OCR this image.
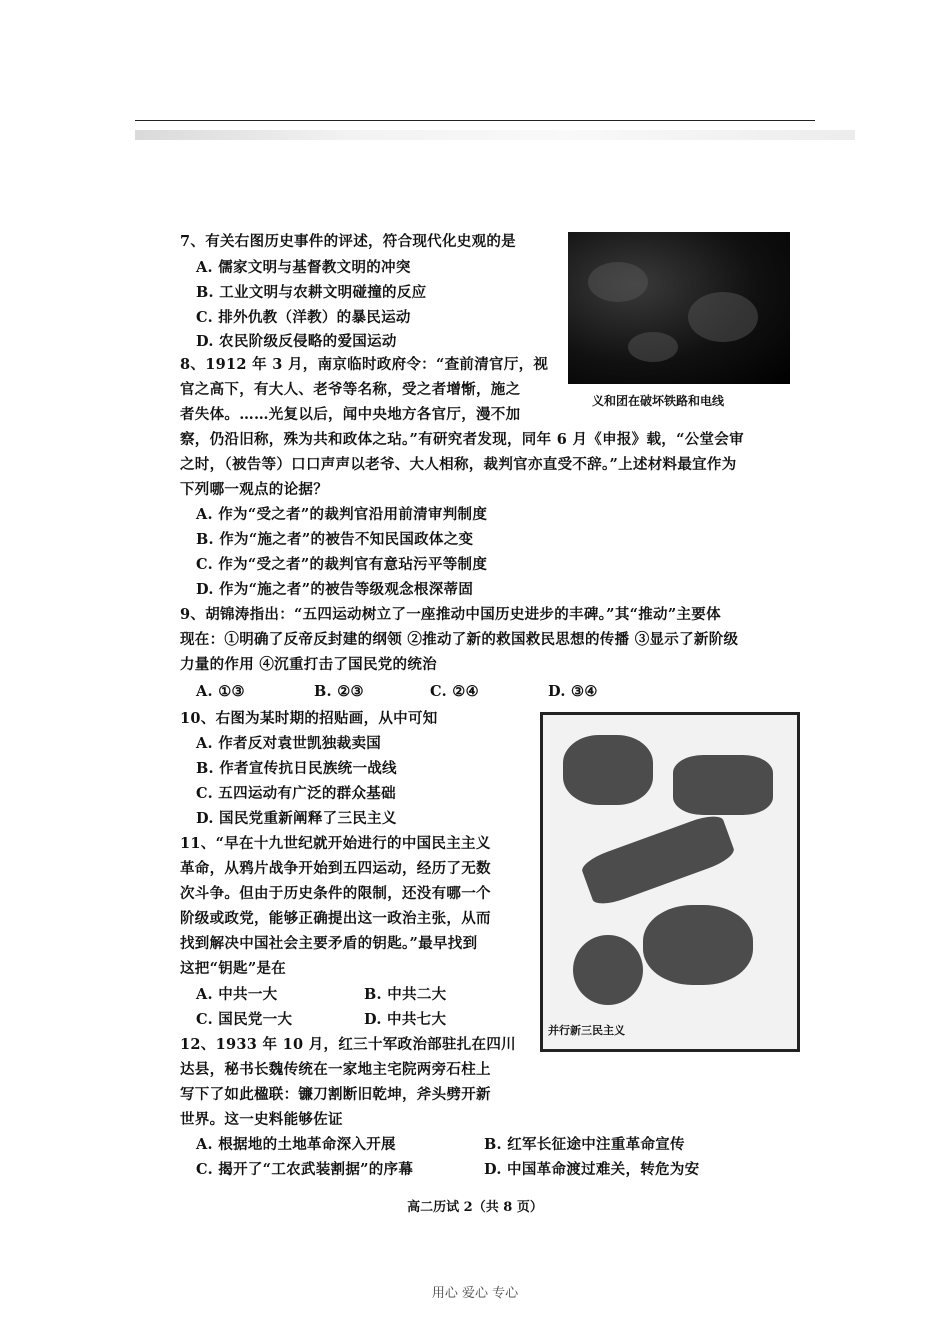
7、有关右图历史事件的评述，符合现代化史观的是
A. 儒家文明与基督教文明的冲突
B. 工业文明与农耕文明碰撞的反应
C. 排外仇教（洋教）的暴民运动
D. 农民阶级反侵略的爱国运动
义和团在破坏铁路和电线
8、1912 年 3 月，南京临时政府令：“查前清官厅，视
官之高下，有大人、老爷等名称，受之者增惭，施之
者失体。……光复以后，闻中央地方各官厅，漫不加
察，仍沿旧称，殊为共和政体之玷。”有研究者发现，同年 6 月《申报》载，“公堂会审
之时，（被告等）口口声声以老爷、大人相称，裁判官亦直受不辞。”上述材料最宜作为
下列哪一观点的论据？
A. 作为“受之者”的裁判官沿用前清审判制度
B. 作为“施之者”的被告不知民国政体之变
C. 作为“受之者”的裁判官有意玷污平等制度
D. 作为“施之者”的被告等级观念根深蒂固
9、胡锦涛指出：“五四运动树立了一座推动中国历史进步的丰碑。”其“推动”主要体
现在：①明确了反帝反封建的纲领 ②推动了新的救国救民思想的传播 ③显示了新阶级
力量的作用 ④沉重打击了国民党的统治
A. ①③	B. ②③	C. ②④	D. ③④
10、右图为某时期的招贴画，从中可知
A. 作者反对袁世凯独裁卖国
B. 作者宣传抗日民族统一战线
C. 五四运动有广泛的群众基础
D. 国民党重新阐释了三民主义
并行新三民主义
11、“早在十九世纪就开始进行的中国民主主义
革命，从鸦片战争开始到五四运动，经历了无数
次斗争。但由于历史条件的限制，还没有哪一个
阶级或政党，能够正确提出这一政治主张，从而
找到解决中国社会主要矛盾的钥匙。”最早找到
这把“钥匙”是在
A. 中共一大	B. 中共二大
C. 国民党一大	D. 中共七大
12、1933 年 10 月，红三十军政治部驻扎在四川
达县，秘书长魏传统在一家地主宅院两旁石柱上
写下了如此楹联：镰刀割断旧乾坤，斧头劈开新
世界。这一史料能够佐证
A. 根据地的土地革命深入开展	B. 红军长征途中注重革命宣传
C. 揭开了“工农武装割据”的序幕	D. 中国革命渡过难关，转危为安
高二历试 2（共 8 页）
用心 爱心 专心
